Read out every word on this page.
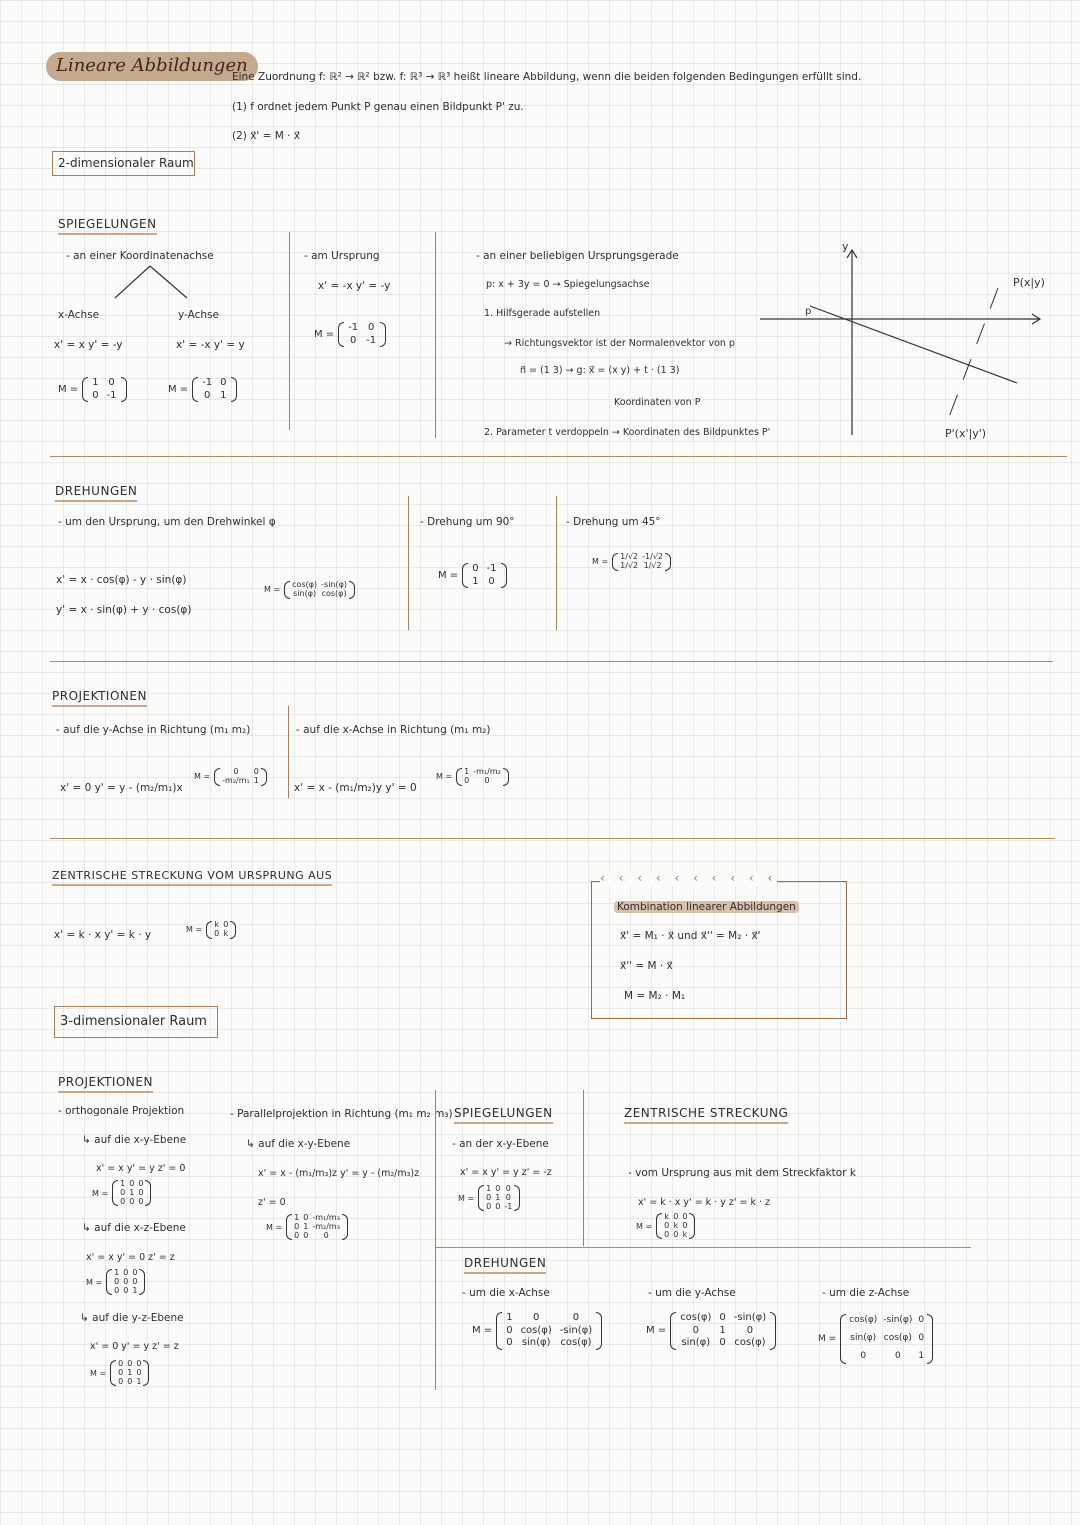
Lineare Abbildungen
Eine Zuordnung f: ℝ² → ℝ² bzw. f: ℝ³ → ℝ³ heißt lineare Abbildung, wenn die beiden folgenden Bedingungen erfüllt sind.
(1) f ordnet jedem Punkt P genau einen Bildpunkt P' zu.
(2) x⃗' = M · x⃗
2-dimensionaler Raum
SPIEGELUNGEN
- an einer Koordinatenachse
x-Achse
x' = x y' = -y
M =
1	0
0	-1
y-Achse
x' = -x y' = y
M =
-1	0
0	1
- am Ursprung
x' = -x y' = -y
M =
-1	0
0	-1
- an einer beliebigen Ursprungsgerade
p: x + 3y = 0 → Spiegelungsachse
1. Hilfsgerade aufstellen
→ Richtungsvektor ist der Normalenvektor von p
n⃗ = (1 3) → g: x⃗ = (x y) + t · (1 3)
Koordinaten von P
2. Parameter t verdoppeln → Koordinaten des Bildpunktes P'
y
p
P(x|y)
P'(x'|y')
DREHUNGEN
- um den Ursprung, um den Drehwinkel φ
x' = x · cos(φ) - y · sin(φ)
y' = x · sin(φ) + y · cos(φ)
M =
cos(φ)	-sin(φ)
sin(φ)	cos(φ)
- Drehung um 90°
M =
0	-1
1	0
- Drehung um 45°
M =
1/√2	-1/√2
1/√2	1/√2
PROJEKTIONEN
- auf die y-Achse in Richtung (m₁ m₂)
x' = 0 y' = y - (m₂/m₁)x
M =
0	0
-m₂/m₁	1
- auf die x-Achse in Richtung (m₁ m₂)
x' = x - (m₁/m₂)y y' = 0
M =
1	-m₁/m₂
0	0
ZENTRISCHE STRECKUNG VOM URSPRUNG AUS
x' = k · x y' = k · y	M =
k	0
0	k
‹ ‹ ‹ ‹ ‹ ‹ ‹ ‹ ‹ ‹
Kombination linearer Abbildungen
x⃗' = M₁ · x⃗ und x⃗'' = M₂ · x⃗'
x⃗'' = M · x⃗
M = M₂ · M₁
3-dimensionaler Raum
PROJEKTIONEN
- orthogonale Projektion
↳ auf die x-y-Ebene
x' = x y' = y z' = 0
M =
1	0	0
0	1	0
0	0	0
↳ auf die x-z-Ebene
x' = x y' = 0 z' = z
M =
1	0	0
0	0	0
0	0	1
↳ auf die y-z-Ebene
x' = 0 y' = y z' = z
M =
0	0	0
0	1	0
0	0	1
- Parallelprojektion in Richtung (m₁ m₂ m₃)
↳ auf die x-y-Ebene
x' = x - (m₁/m₃)z y' = y - (m₂/m₃)z
z' = 0
M =
1	0	-m₁/m₃
0	1	-m₂/m₃
0	0	0
SPIEGELUNGEN
- an der x-y-Ebene
x' = x y' = y z' = -z
M =
1	0	0
0	1	0
0	0	-1
ZENTRISCHE STRECKUNG
- vom Ursprung aus mit dem Streckfaktor k
x' = k · x y' = k · y z' = k · z
M =
k	0	0
0	k	0
0	0	k
DREHUNGEN
- um die x-Achse
M =
1	0	0
0	cos(φ)	-sin(φ)
0	sin(φ)	cos(φ)
- um die y-Achse
M =
cos(φ)	0	-sin(φ)
0	1	0
sin(φ)	0	cos(φ)
- um die z-Achse
M =
cos(φ)	-sin(φ)	0
sin(φ)	cos(φ)	0
0	0	1
